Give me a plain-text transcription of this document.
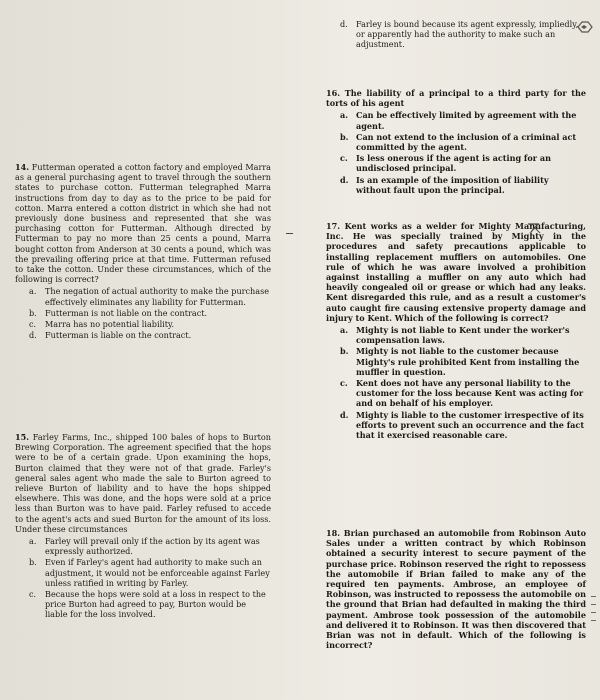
14. Futterman operated a cotton factory and employed Marra as a general purchasing agent to travel through the southern states to purchase cotton. Futterman telegraphed Marra instructions from day to day as to the price to be paid for cotton. Marra entered a cotton district in which she had not previously done business and represented that she was purchasing cotton for Futterman. Although directed by Futterman to pay no more than 25 cents a pound, Marra bought cotton from Anderson at 30 cents a pound, which was the prevailing offering price at that time. Futterman refused to take the cotton. Under these circumstances, which of the following is correct?
a.	The negation of actual authority to make the purchase effectively eliminates any liability for Futterman.
b.	Futterman is not liable on the contract.
c.	Marra has no potential liability.
d.	Futterman is liable on the contract.
15. Farley Farms, Inc., shipped 100 bales of hops to Burton Brewing Corporation. The agreement specified that the hops were to be of a certain grade. Upon examining the hops, Burton claimed that they were not of that grade. Farley's general sales agent who made the sale to Burton agreed to relieve Burton of liability and to have the hops shipped elsewhere. This was done, and the hops were sold at a price less than Burton was to have paid. Farley refused to accede to the agent's acts and sued Burton for the amount of its loss. Under these circumstances
a.	Farley will prevail only if the action by its agent was expressly authorized.
b.	Even if Farley's agent had authority to make such an adjustment, it would not be enforceable against Farley unless ratified in writing by Farley.
c.	Because the hops were sold at a loss in respect to the price Burton had agreed to pay, Burton would be liable for the loss involved.
d.	Farley is bound because its agent expressly, impliedly, or apparently had the authority to make such an adjustment.
16. The liability of a principal to a third party for the torts of his agent
a. Can be effectively limited by agreement with the agent.
b. Can not extend to the inclusion of a criminal act committed by the agent.
c.	Is less onerous if the agent is acting for an undisclosed principal.
d. Is an example of the imposition of liability without fault upon the principal.
17. Kent works as a welder for Mighty Manufacturing, Inc. He was specially trained by Mighty in the procedures and safety precautions applicable to installing replacement mufflers on automobiles. One rule of which he was aware involved a prohibition against installing a muffler on any auto which had heavily congealed oil or grease or which had any leaks. Kent disregarded this rule, and as a result a customer's auto caught fire causing extensive property damage and injury to Kent. Which of the following is correct?
a. Mighty is not liable to Kent under the worker's compensation laws.
b. Mighty is not liable to the customer because Mighty's rule prohibited Kent from installing the muffler in question.
c.	Kent does not have any personal liability to the customer for the loss because Kent was acting for and on behalf of his employer.
d. Mighty is liable to the customer irrespective of its efforts to prevent such an occurrence and the fact that it exercised reasonable care.
18. Brian purchased an automobile from Robinson Auto Sales under a written contract by which Robinson obtained a security interest to secure payment of the purchase price. Robinson reserved the right to repossess the automobile if Brian failed to make any of the required ten payments. Ambrose, an employee of Robinson, was instructed to repossess the automobile on the ground that Brian had defaulted in making the third payment. Ambrose took possession of the automobile and delivered it to Robinson. It was then discovered that Brian was not in default. Which of the following is incorrect?
